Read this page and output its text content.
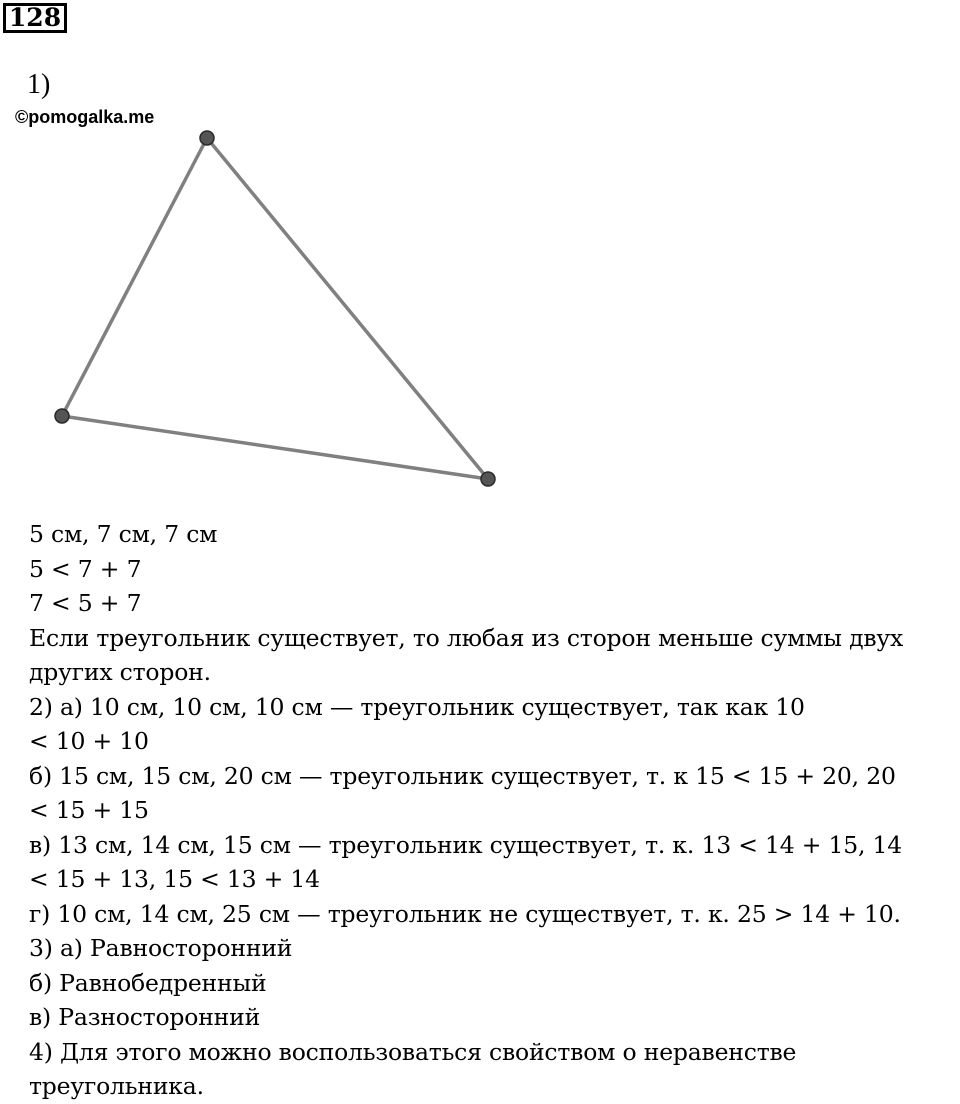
128
1)
©pomogalka.me
5 см, 7 см, 7 см
5 < 7 + 7
7 < 5 + 7
Если треугольник существует, то любая из сторон меньше суммы двух
других сторон.
2) а) 10 см, 10 см, 10 см — треугольник существует, так как 10
< 10 + 10
б) 15 см, 15 см, 20 см — треугольник существует, т. к 15 < 15 + 20, 20
< 15 + 15
в) 13 см, 14 см, 15 см — треугольник существует, т. к. 13 < 14 + 15, 14
< 15 + 13, 15 < 13 + 14
г) 10 см, 14 см, 25 см — треугольник не существует, т. к. 25 > 14 + 10.
3) а) Равносторонний
б) Равнобедренный
в) Разносторонний
4) Для этого можно воспользоваться свойством о неравенстве
треугольника.
